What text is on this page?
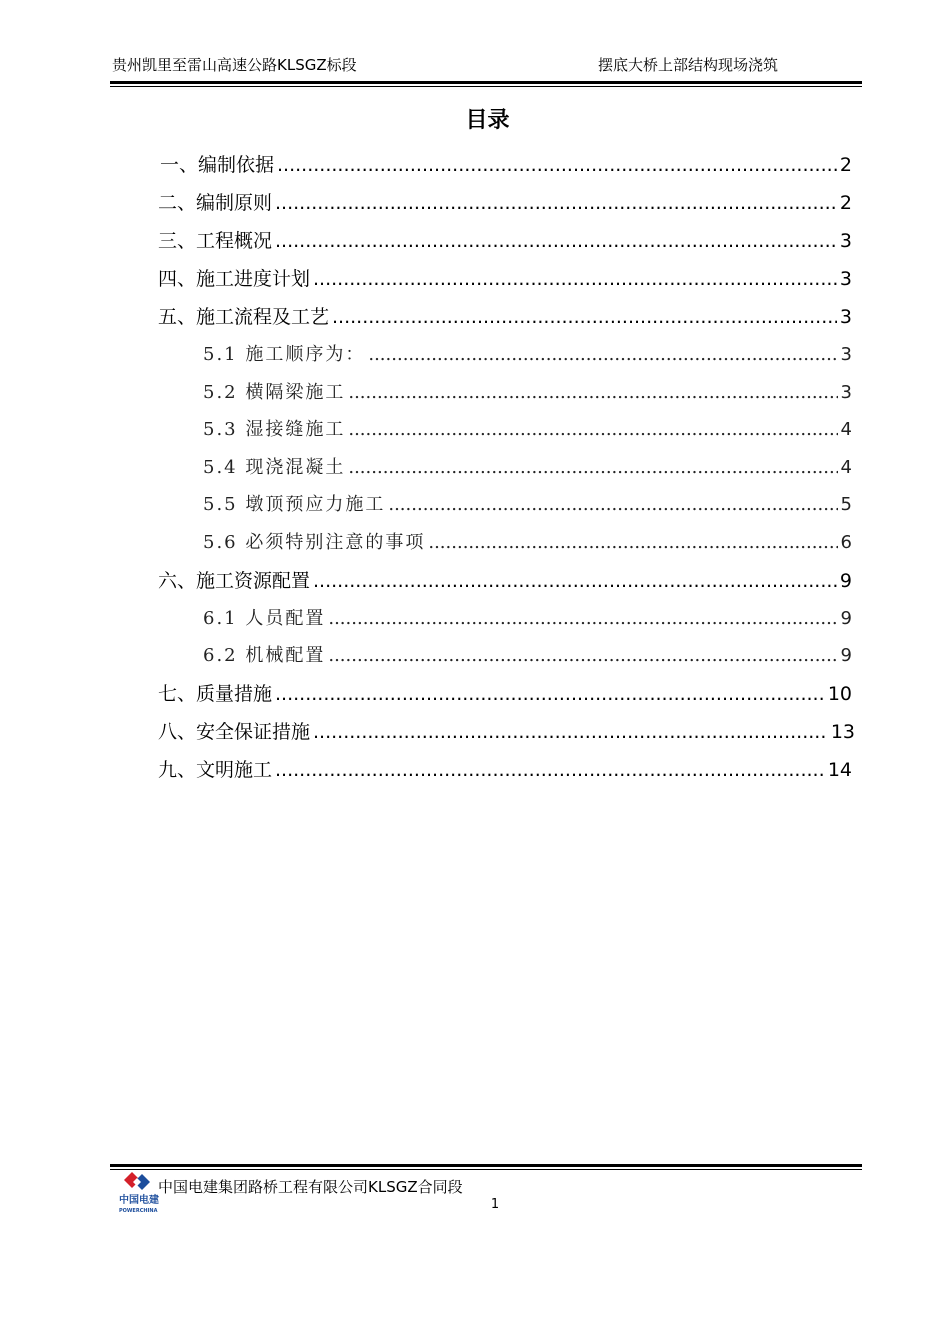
贵州凯里至雷山高速公路KLSGZ标段	摆底大桥上部结构现场浇筑
目录
一、编制依据 .....	2
二、编制原则 .....	2
三、工程概况 .....	3
四、施工进度计划 .....	3
五、施工流程及工艺 .....	3
5.1 施工顺序为： .....	3
5.2 横隔梁施工 .....	3
5.3 湿接缝施工 .....	4
5.4 现浇混凝土 .....	4
5.5 墩顶预应力施工 .....	5
5.6 必须特别注意的事项 .....	6
六、施工资源配置 .....	9
6.1 人员配置 .....	9
6.2 机械配置 .....	9
七、质量措施 .....	10
八、安全保证措施 .....	13
九、文明施工 .....	14
中国电建
POWERCHINA
中国电建集团路桥工程有限公司KLSGZ合同段
1
